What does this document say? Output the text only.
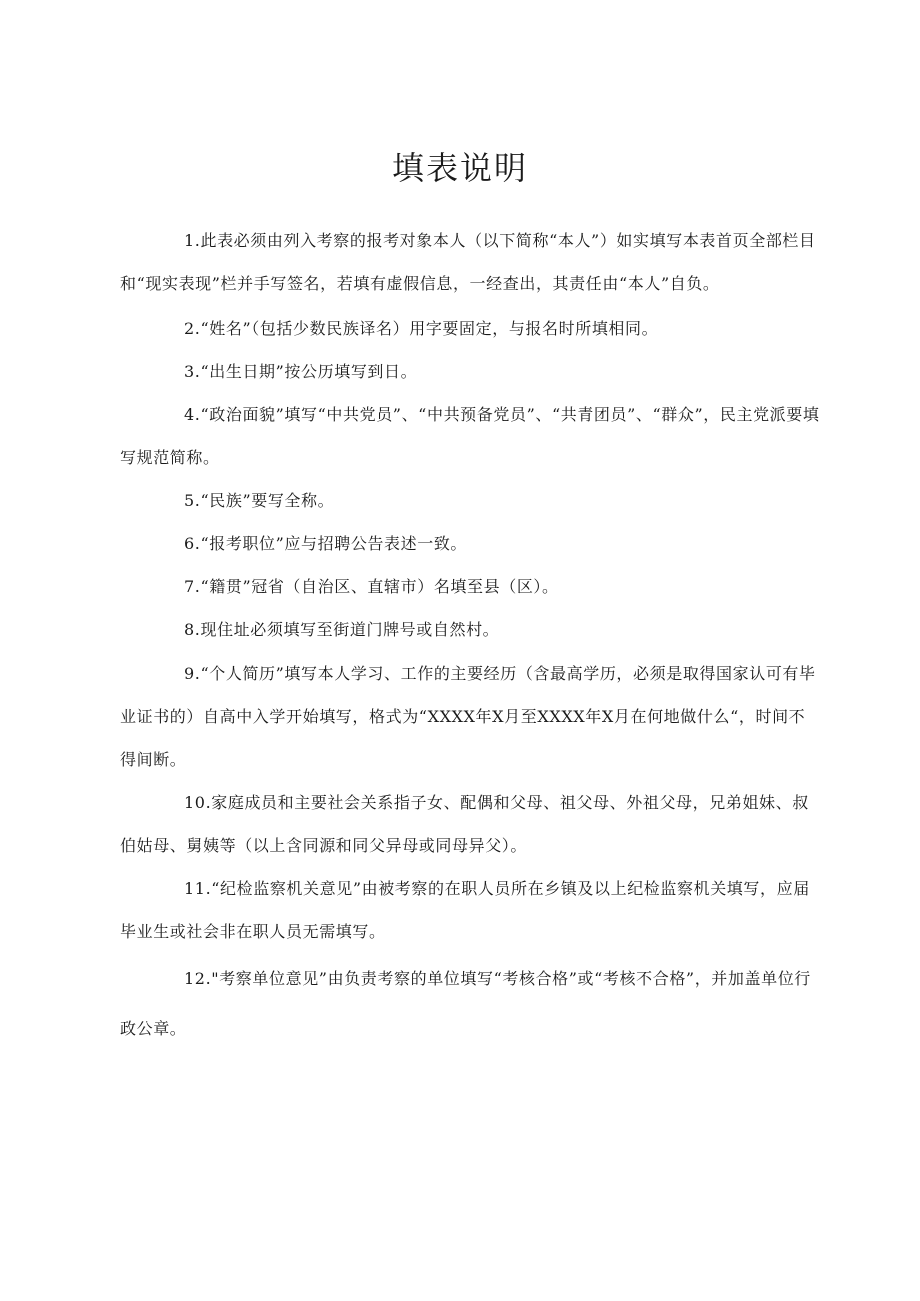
填表说明

1.此表必须由列入考察的报考对象本人（以下简称“本人”）如实填写本表首页全部栏目和“现实表现”栏并手写签名，若填有虚假信息，一经查出，其责任由“本人”自负。

2.“姓名”（包括少数民族译名）用字要固定，与报名时所填相同。

3.“出生日期”按公历填写到日。

4.“政治面貌”填写“中共党员”、“中共预备党员”、“共青团员”、“群众”，民主党派要填写规范简称。

5.“民族”要写全称。

6.“报考职位”应与招聘公告表述一致。

7.“籍贯”冠省（自治区、直辖市）名填至县（区）。

8.现住址必须填写至街道门牌号或自然村。

9.“个人简历”填写本人学习、工作的主要经历（含最高学历，必须是取得国家认可有毕业证书的）自高中入学开始填写，格式为“XXXX年X月至XXXX年X月在何地做什么“，时间不得间断。

10.家庭成员和主要社会关系指子女、配偶和父母、祖父母、外祖父母，兄弟姐妹、叔伯姑母、舅姨等（以上含同源和同父异母或同母异父）。

11.“纪检监察机关意见”由被考察的在职人员所在乡镇及以上纪检监察机关填写，应届毕业生或社会非在职人员无需填写。

12."考察单位意见”由负责考察的单位填写“考核合格”或“考核不合格”，并加盖单位行政公章。
